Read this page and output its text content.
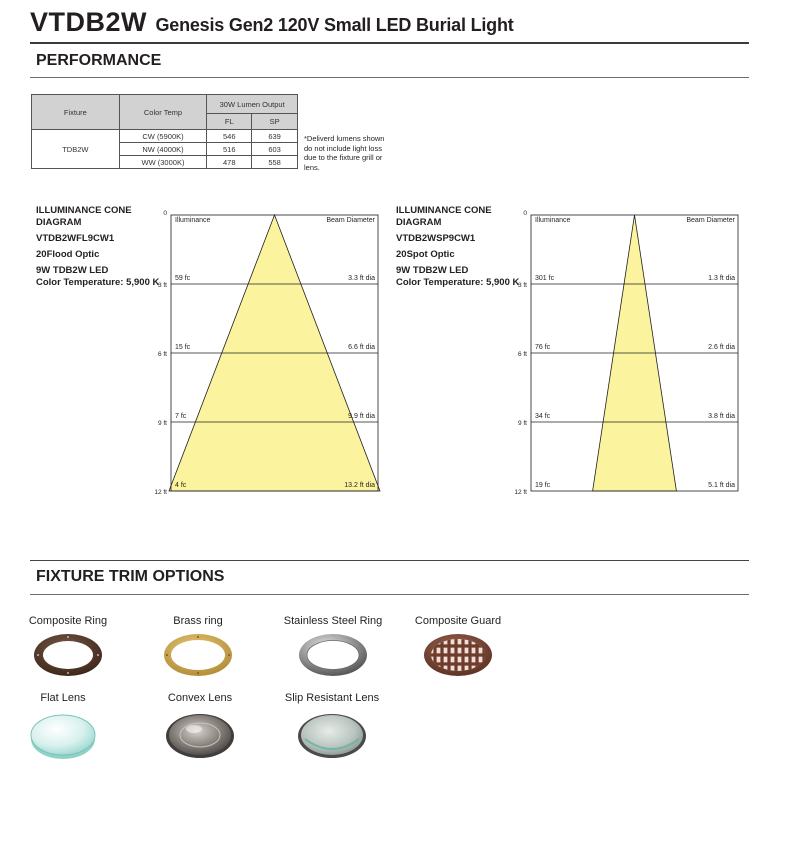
VTDB2W Genesis Gen2 120V Small LED Burial Light
PERFORMANCE
Fixture	Color Temp	30W Lumen Output	
		FL	SP
TDB2W	CW (5900K)	546	639
	NW (4000K)	516	603
	WW (3000K)	478	558
*Deliverd lumens shown do not include light loss due to the fixture grill or lens.
ILLUMINANCE CONE
DIAGRAM
VTDB2WFL9CW1
20Flood Optic
9W TDB2W LED
Color Temperature: 5,900 K
ILLUMINANCE CONE
DIAGRAM
VTDB2WSP9CW1
20Spot Optic
9W TDB2W LED
Color Temperature: 5,900 K
Illuminance	Beam Diameter
0
3 ft
6 ft
9 ft
12 ft
59 fc	3.3 ft dia
15 fc	6.6 ft dia
7 fc	9.9 ft dia
4 fc	13.2 ft dia
Illuminance	Beam Diameter
0
3 ft
6 ft
9 ft
12 ft
301 fc	1.3 ft dia
76 fc	2.6 ft dia
34 fc	3.8 ft dia
19 fc	5.1 ft dia
FIXTURE TRIM OPTIONS
Composite Ring	Brass ring	Stainless Steel Ring	Composite Guard
Flat Lens	Convex Lens	Slip Resistant Lens
